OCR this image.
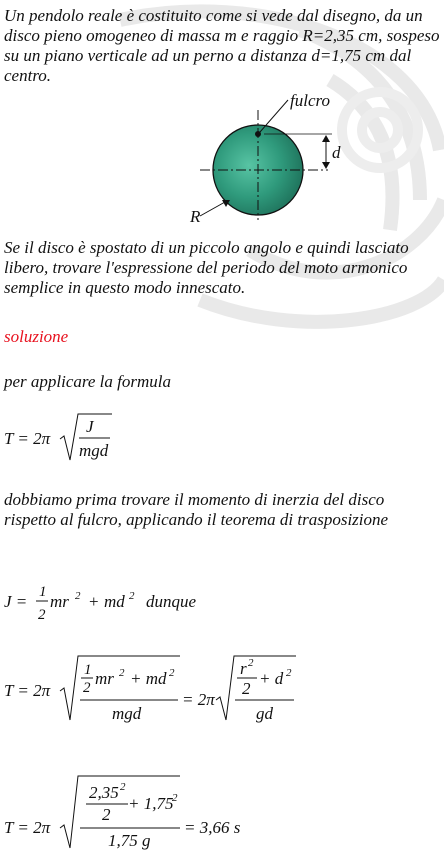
Un pendolo reale è costituito come si vede dal disegno, da un disco pieno omogeneo di massa m e raggio R=2,35 cm, sospeso su un piano verticale ad un perno a distanza d=1,75 cm dal centro.

fulcro
d
R

Se il disco è spostato di un piccolo angolo e quindi lasciato libero, trovare l'espressione del periodo del moto armonico semplice in questo modo innescato.

soluzione

per applicare la formula

T = 2π
J
mgd

dobbiamo prima trovare il momento di inerzia del disco rispetto al fulcro, applicando il teorema di trasposizione

J = 1
2
mr 2 + md 2 dunque
T = 2π
1
2 mr 2 + md 2
mgd
= 2π
r 2
2
+ d 2
gd
T = 2π
2,35 2
2
+ 1,75
2
1,75 g
= 3,66 s
